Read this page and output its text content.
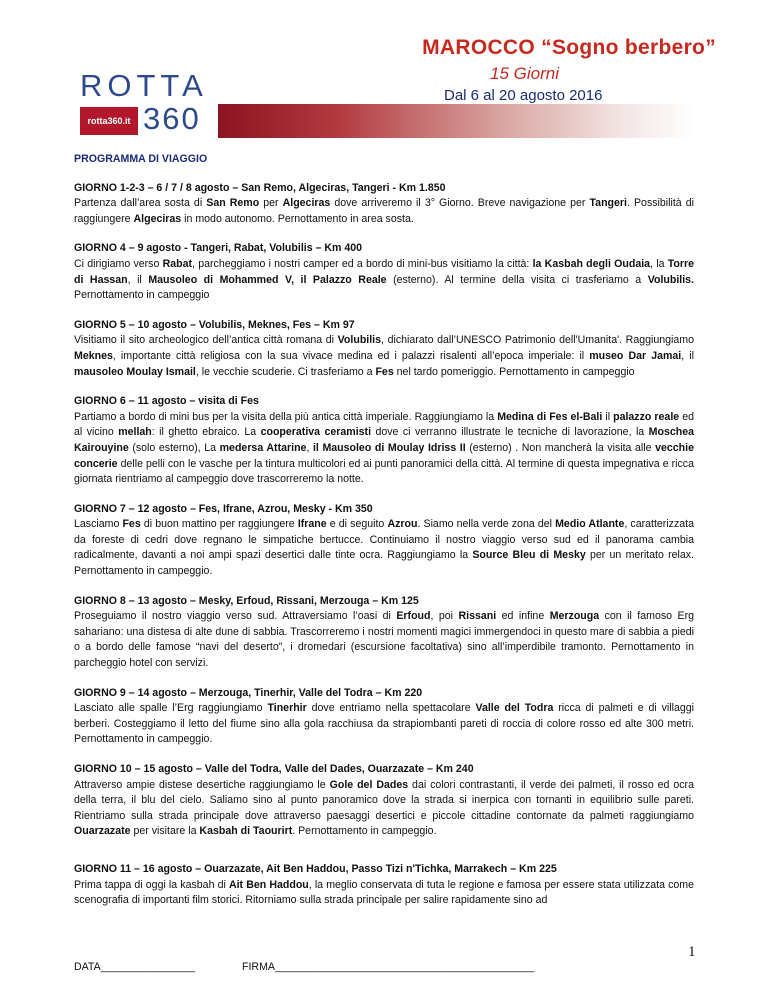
MAROCCO “Sogno berbero”
15 Giorni
Dal 6 al 20 agosto 2016
ROTTA
rotta360.it 360
PROGRAMMA DI VIAGGIO
GIORNO 1-2-3 – 6 / 7 / 8 agosto – San Remo, Algeciras, Tangeri - Km 1.850
Partenza dall’area sosta di San Remo per Algeciras dove arriveremo il 3° Giorno. Breve navigazione per Tangeri. Possibilità di raggiungere Algeciras in modo autonomo. Pernottamento in area sosta.
GIORNO 4 – 9 agosto - Tangeri, Rabat, Volubilis – Km 400
Ci dirigiamo verso Rabat, parcheggiamo i nostri camper ed a bordo di mini-bus visitiamo la città: la Kasbah degli Oudaia, la Torre di Hassan, il Mausoleo di Mohammed V, il Palazzo Reale (esterno). Al termine della visita ci trasferiamo a Volubilis. Pernottamento in campeggio
GIORNO 5 – 10 agosto – Volubilis, Meknes, Fes – Km 97
Visitiamo il sito archeologico dell’antica città romana di Volubilis, dichiarato dall’UNESCO Patrimonio dell'Umanita'. Raggiungiamo Meknes, importante città religiosa con la sua vivace medina ed i palazzi risalenti all’epoca imperiale: il museo Dar Jamai, il mausoleo Moulay Ismail, le vecchie scuderie. Ci trasferiamo a Fes nel tardo pomeriggio. Pernottamento in campeggio
GIORNO 6 – 11 agosto – visita di Fes
Partiamo a bordo di mini bus per la visita della più antica città imperiale. Raggiungiamo la Medina di Fes el-Bali il palazzo reale ed al vicino mellah: il ghetto ebraico. La cooperativa ceramisti dove ci verranno illustrate le tecniche di lavorazione, la Moschea Kairouyine (solo esterno), La medersa Attarine, il Mausoleo di Moulay Idriss II (esterno) . Non mancherà la visita alle vecchie concerie delle pelli con le vasche per la tintura multicolori ed ai punti panoramici della città. Al termine di questa impegnativa e ricca giornata rientriamo al campeggio dove trascorreremo la notte.
GIORNO 7 – 12 agosto – Fes, Ifrane, Azrou, Mesky - Km 350
Lasciamo Fes di buon mattino per raggiungere Ifrane e di seguito Azrou. Siamo nella verde zona del Medio Atlante, caratterizzata da foreste di cedri dove regnano le simpatiche bertucce. Continuiamo il nostro viaggio verso sud ed il panorama cambia radicalmente, davanti a noi ampi spazi desertici dalle tinte ocra. Raggiungiamo la Source Bleu di Mesky per un meritato relax. Pernottamento in campeggio.
GIORNO 8 – 13 agosto – Mesky, Erfoud, Rissani, Merzouga – Km 125
Proseguiamo il nostro viaggio verso sud. Attraversiamo l’oasi di Erfoud, poi Rissani ed infine Merzouga con il famoso Erg sahariano: una distesa di alte dune di sabbia. Trascorreremo i nostri momenti magici immergendoci in questo mare di sabbia a piedi o a bordo delle famose “navi del deserto”, i dromedari (escursione facoltativa) sino all’imperdibile tramonto. Pernottamento in parcheggio hotel con servizi.
GIORNO 9 – 14 agosto – Merzouga, Tinerhir, Valle del Todra – Km 220
Lasciato alle spalle l’Erg raggiungiamo Tinerhir dove entriamo nella spettacolare Valle del Todra ricca di palmeti e di villaggi berberi. Costeggiamo il letto del fiume sino alla gola racchiusa da strapiombanti pareti di roccia di colore rosso ed alte 300 metri. Pernottamento in campeggio.
GIORNO 10 – 15 agosto – Valle del Todra, Valle del Dades, Ouarzazate – Km 240
Attraverso ampie distese desertiche raggiungiamo le Gole del Dades dai colori contrastanti, il verde dei palmeti, il rosso ed ocra della terra, il blu del cielo. Saliamo sino al punto panoramico dove la strada si inerpica con tornanti in equilibrio sulle pareti. Rientriamo sulla strada principale dove attraverso paesaggi desertici e piccole cittadine contornate da palmeti raggiungiamo Ouarzazate per visitare la Kasbah di Taourirt. Pernottamento in campeggio.
GIORNO 11 – 16 agosto – Ouarzazate, Ait Ben Haddou, Passo Tizi n'Tichka, Marrakech – Km 225
Prima tappa di oggi la kasbah di Ait Ben Haddou, la meglio conservata di tuta le regione e famosa per essere stata utilizzata come scenografia di importanti film storici. Ritorniamo sulla strada principale per salire rapidamente sino ad
DATA________________	FIRMA____________________________________________
1
